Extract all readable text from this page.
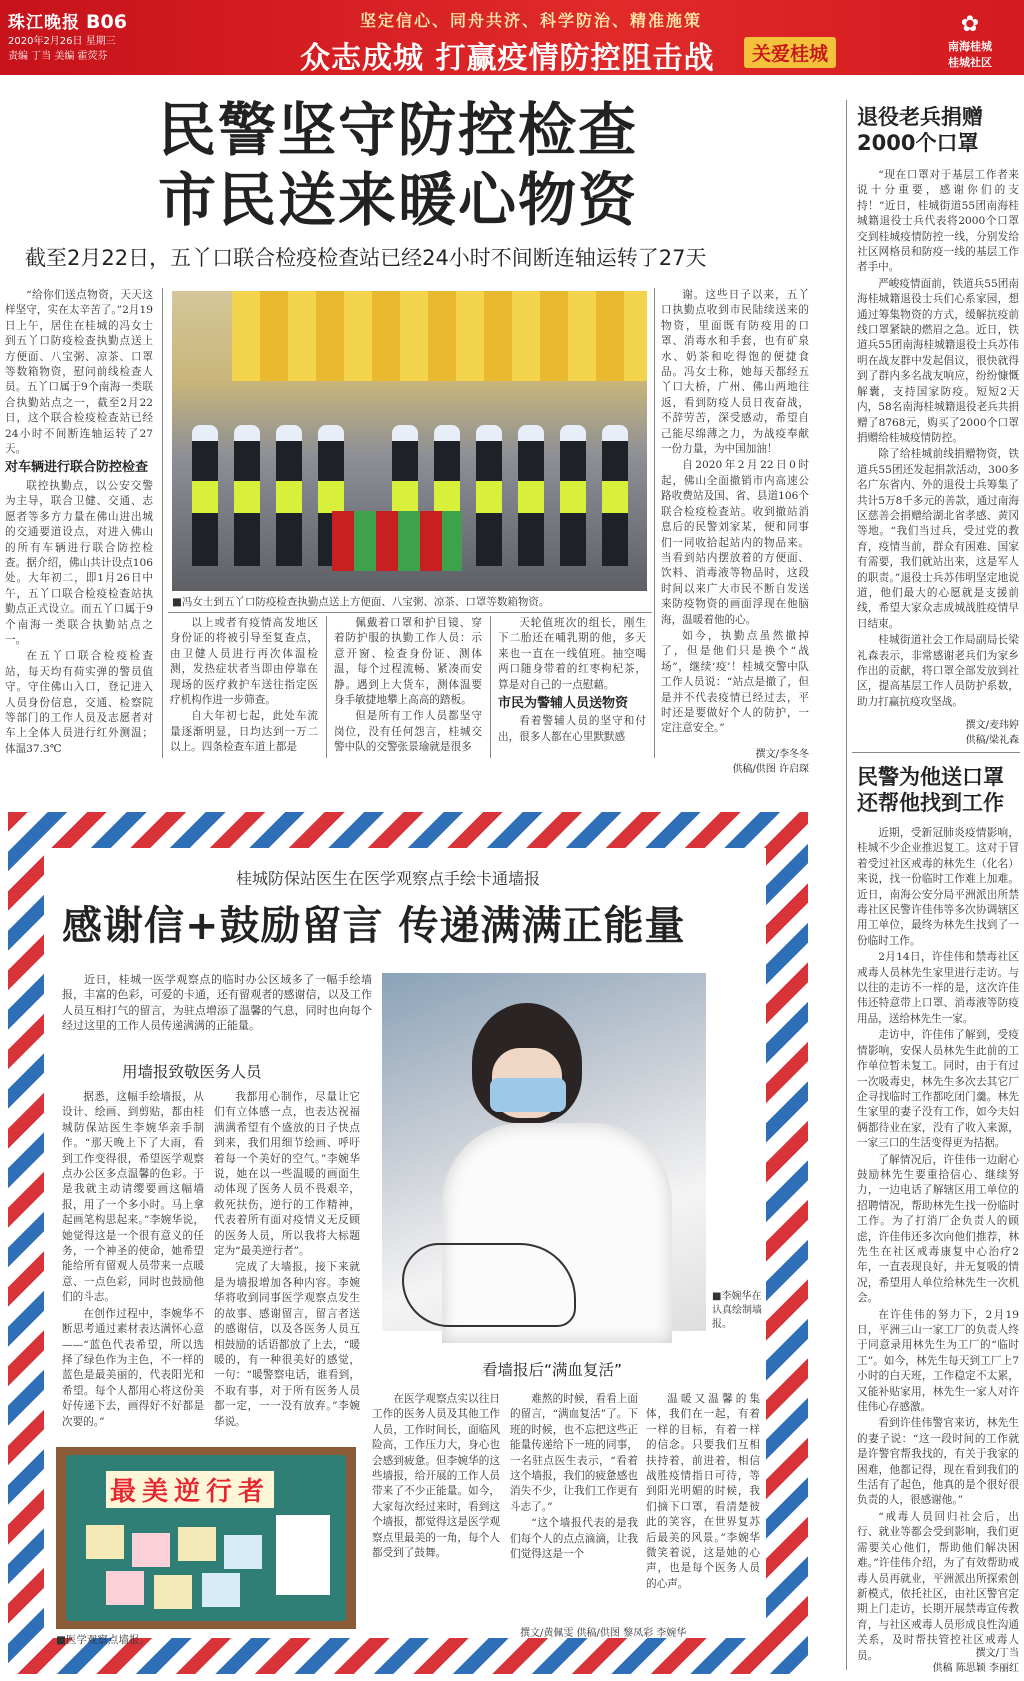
珠江晚报 B06
2020年2月26日 星期三
责编 丁当 美编 霍荧芬
坚定信心、同舟共济、科学防治、精准施策
众志成城 打赢疫情防控阻击战	关爱桂城
✿
南海桂城
桂城社区
民警坚守防控检查
市民送来暖心物资
截至2月22日，五丫口联合检疫检查站已经24小时不间断连轴运转了27天

“给你们送点物资，天天这样坚守，实在太辛苦了。”2月19日上午，居住在桂城的冯女士到五丫口防疫检查执勤点送上方便面、八宝粥、凉茶、口罩等数箱物资，慰问前线检查人员。五丫口属于9个南海一类联合执勤站点之一，截至2月22日，这个联合检疫检查站已经24小时不间断连轴运转了27天。

对车辆进行联合防控检查

联控执勤点，以公安交警为主导，联合卫健、交通、志愿者等多方力量在佛山进出城的交通要道设点，对进入佛山的所有车辆进行联合防控检查。据介绍，佛山共计设点106处。大年初二，即1月26日中午，五丫口联合检疫检查站执勤点正式设立。而五丫口属于9个南海一类联合执勤站点之一。

在五丫口联合检疫检查站，每天均有荷实弹的警员值守。守住佛山入口，登记进入人员身份信息，交通、检察院等部门的工作人员及志愿者对车上全体人员进行红外测温；体温37.3℃

■冯女士到五丫口防疫检查执勤点送上方便面、八宝粥、凉茶、口罩等数箱物资。

以上或者有疫情高发地区身份证的将被引导至复查点，由卫健人员进行再次体温检测，发热症状者当即由停靠在现场的医疗救护车送往指定医疗机构作进一步筛查。

自大年初七起，此处车流量逐渐明显，日均达到一万二以上。四条检查车道上都是

佩戴着口罩和护目镜、穿着防护服的执勤工作人员：示意开窗、检查身份证、测体温，每个过程流畅、紧凑而安静。遇到上大货车，测体温要身手敏捷地攀上高高的踏板。

但是所有工作人员都坚守岗位，没有任何怨言，桂城交警中队的交警张景瑜就是很多

天轮值班次的组长，刚生下二胎还在哺乳期的他，多天来也一直在一线值班。抽空喝两口随身带着的红枣枸杞茶，算是对自己的一点慰藉。

市民为警辅人员送物资

看着警辅人员的坚守和付出，很多人都在心里默默感

谢。这些日子以来，五丫口执勤点收到市民陆续送来的物资，里面既有防疫用的口罩、消毒水和手套，也有矿泉水、奶茶和吃得饱的便捷食品。冯女士称，她每天都经五丫口大桥，广州、佛山两地往返，看到防疫人员日夜奋战，不辞劳苦，深受感动，希望自己能尽绵薄之力，为战疫奉献一份力量，为中国加油！

自2020年2月22日0时起，佛山全面撤销市内高速公路收费站及国、省、县道106个联合检疫检查站。收到撤站消息后的民警刘家某，便和同事们一同收拾起站内的物品来。当看到站内摆放着的方便面、饮料、消毒液等物品时，这段时间以来广大市民不断自发送来防疫物资的画面浮现在他脑海，温暖着他的心。

如今，执勤点虽然撤掉了，但是他们只是换个“战场”，继续‘疫’！桂城交警中队工作人员说：“站点是撤了，但是并不代表疫情已经过去，平时还是要做好个人的防护，一定注意安全。”

撰文/李冬冬
供稿/供图 许启琛
退役老兵捐赠
2000个口罩

“现在口罩对于基层工作者来说十分重要，感谢你们的支持！”近日，桂城街道55团南海桂城籍退役士兵代表将2000个口罩交到桂城疫情防控一线，分别发给社区网格员和防疫一线的基层工作者手中。

严峻疫情面前，铁道兵55团南海桂城籍退役士兵们心系家园，想通过筹集物资的方式，缓解抗疫前线口罩紧缺的燃眉之急。近日，铁道兵55团南海桂城籍退役士兵苏伟明在战友群中发起倡议，很快就得到了群内多名战友响应，纷纷慷慨解囊，支持国家防疫。短短2天内，58名南海桂城籍退役老兵共捐赠了8768元，购买了2000个口罩捐赠给桂城疫情防控。

除了给桂城前线捐赠物资，铁道兵55团还发起捐款活动，300多名广东省内、外的退役士兵筹集了共计5万8千多元的善款，通过南海区慈善会捐赠给湖北省孝感、黄冈等地。“我们当过兵，受过党的教育，疫情当前，群众有困难、国家有需要，我们就站出来，这是军人的职责。”退役士兵苏伟明坚定地说道，他们最大的心愿就是支援前线，希望大家众志成城战胜疫情早日结束。

桂城街道社会工作局副局长梁礼森表示，非常感谢老兵们为家乡作出的贡献，将口罩全部发放到社区，提高基层工作人员防护系数，助力打赢抗疫攻坚战。

撰文/麦玮婷
供稿/梁礼森
民警为他送口罩
还帮他找到工作

近期，受新冠肺炎疫情影响，桂城不少企业推迟复工。这对于冒着受过社区戒毒的林先生（化名）来说，找一份临时工作难上加难。近日，南海公安分局平洲派出所禁毒社区民警许佳伟等多次协调辖区用工单位，最终为林先生找到了一份临时工作。

2月14日，许佳伟和禁毒社区戒毒人员林先生家里进行走访。与以往的走访不一样的是，这次许佳伟还特意带上口罩、消毒液等防疫用品，送给林先生一家。

走访中，许佳伟了解到，受疫情影响，安保人员林先生此前的工作单位暂未复工。同时，由于有过一次吸毒史，林先生多次去其它厂企寻找临时工作都吃闭门羹。林先生家里的妻子没有工作，如今夫妇俩都待业在家，没有了收入来源，一家三口的生活变得更为拮据。

了解情况后，许佳伟一边耐心鼓励林先生要重拾信心、继续努力，一边电话了解辖区用工单位的招聘情况，帮助林先生找一份临时工作。为了打消厂企负责人的顾虑，许佳伟还多次向他们推荐，林先生在社区戒毒康复中心治疗2年，一直表现良好，并无复吸的情况，希望用人单位给林先生一次机会。

在许佳伟的努力下，2月19日，平洲三山一家工厂的负责人终于同意录用林先生为工厂的“临时工”。如今，林先生每天到工厂上7小时的白天班，工作稳定不太累，又能补贴家用，林先生一家人对许佳伟心存感激。

看到许佳伟警官来访，林先生的妻子说：“这一段时间的工作就是许警官帮我找的，有关于我家的困难，他都记得，现在看到我们的生活有了起色，他真的是个很好很负责的人，很感谢他。”

“戒毒人员回归社会后，出行、就业等都会受到影响，我们更需要关心他们，帮助他们解决困难。”许佳伟介绍，为了有效帮助戒毒人员再就业，平洲派出所探索创新模式，依托社区，由社区警官定期上门走访，长期开展禁毒宣传教育，与社区戒毒人员形成良性沟通关系，及时帮扶管控社区戒毒人员。	撰文/丁当
供稿 陈思颖 李丽红
桂城防保站医生在医学观察点手绘卡通墙报
感谢信+鼓励留言 传递满满正能量

近日，桂城一医学观察点的临时办公区域多了一幅手绘墙报，丰富的色彩，可爱的卡通，还有留观者的感谢信，以及工作人员互相打气的留言，为驻点增添了温馨的气息，同时也向每个经过这里的工作人员传递满满的正能量。

用墙报致敬医务人员

据悉，这幅手绘墙报，从设计、绘画、到剪贴，都由桂城防保站医生李婉华亲手制作。“那天晚上下了大雨，看到工作变得很，希望医学观察点办公区多点温馨的色彩。于是我就主动请缨要画这幅墙报，用了一个多小时。马上拿起画笔构思起来。”李婉华说，她觉得这是一个很有意义的任务，一个神圣的使命，她希望能给所有留观人员带来一点暖意、一点色彩，同时也鼓励他们的斗志。

在创作过程中，李婉华不断思考通过素材表达满怀心意——“蓝色代表希望，所以选择了绿色作为主色，不一样的蓝色是最美丽的，代表阳光和希望。每个人都用心将这份美好传递下去，画得好不好都是次要的。”

我都用心制作，尽量让它们有立体感一点，也表达祝福满满希望有个盛放的日子快点到来，我们用细节绘画、呼吁着每一个美好的空气。”李婉华说，她在以一些温暖的画面生动体现了医务人员不畏艰辛，救死扶伤，逆行的工作精神，代表着所有面对疫情义无反顾的医务人员，所以我将大标题定为“最美逆行者”。

完成了大墙报，接下来就是为墙报增加各种内容。李婉华将收到同事医学观察点发生的故事、感谢留言，留言者送的感谢信，以及各医务人员互相鼓励的话语都放了上去，“暖暖的，有一种很美好的感觉，一句：“暖警察电话，谁看到，不取有事，对于所有医务人员都一定，一一没有放弃。”李婉华说。

■李婉华在认真绘制墙报。
看墙报后“满血复活”

在医学观察点实以往日工作的医务人员及其他工作人员，工作时间长，面临风险高，工作压力大，身心也会感到疲惫。但李婉华的这些墙报，给开展的工作人员带来了不少正能量。如今，大家每次经过来时，看到这个墙报，都觉得这是医学观察点里最美的一角，每个人都受到了鼓舞。

难熬的时候，看看上面的留言，“满血复活”了。下班的时候，也不忘把这些正能量传递给下一班的同事，一名驻点医生表示，“看着这个墙报，我们的疲惫感也消失不少，让我们工作更有斗志了。”

“这个墙报代表的是我们每个人的点点滴滴，让我们觉得这是一个

温暖又温馨的集体，我们在一起，有着一样的目标，有着一样的信念。只要我们互相扶持着，前进着，相信战胜疫情指日可待，等到阳光明媚的时候，我们摘下口罩，看清楚彼此的笑容，在世界复苏后最美的风景。”李婉华微笑着说，这是她的心声，也是每个医务人员的心声。

最美逆行者
■医学观察点墙报。
撰文/黄佩雯 供稿/供图 黎凤彩 李婉华
